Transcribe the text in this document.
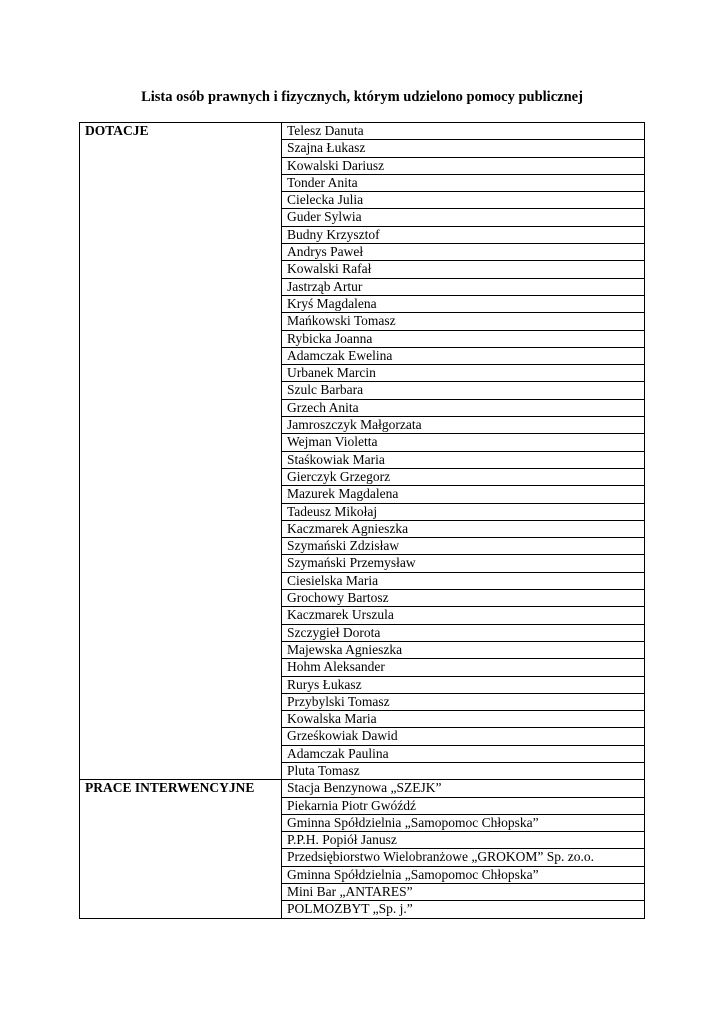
Lista osób prawnych i fizycznych, którym udzielono pomocy publicznej
DOTACJE	Telesz Danuta
	Szajna Łukasz
	Kowalski Dariusz
	Tonder Anita
	Cielecka Julia
	Guder Sylwia
	Budny Krzysztof
	Andrys Paweł
	Kowalski Rafał
	Jastrząb Artur
	Kryś Magdalena
	Mańkowski Tomasz
	Rybicka Joanna
	Adamczak Ewelina
	Urbanek Marcin
	Szulc Barbara
	Grzech Anita
	Jamroszczyk Małgorzata
	Wejman Violetta
	Staśkowiak Maria
	Gierczyk Grzegorz
	Mazurek Magdalena
	Tadeusz Mikołaj
	Kaczmarek Agnieszka
	Szymański Zdzisław
	Szymański Przemysław
	Ciesielska Maria
	Grochowy Bartosz
	Kaczmarek Urszula
	Szczygieł Dorota
	Majewska Agnieszka
	Hohm Aleksander
	Rurys Łukasz
	Przybylski Tomasz
	Kowalska Maria
	Grześkowiak Dawid
	Adamczak Paulina
	Pluta Tomasz
PRACE INTERWENCYJNE	Stacja Benzynowa „SZEJK”
	Piekarnia Piotr Gwóźdź
	Gminna Spółdzielnia „Samopomoc Chłopska”
	P.P.H. Popiół Janusz
	Przedsiębiorstwo Wielobranżowe „GROKOM” Sp. zo.o.
	Gminna Spółdzielnia „Samopomoc Chłopska”
	Mini Bar „ANTARES”
	POLMOZBYT „Sp. j.”
